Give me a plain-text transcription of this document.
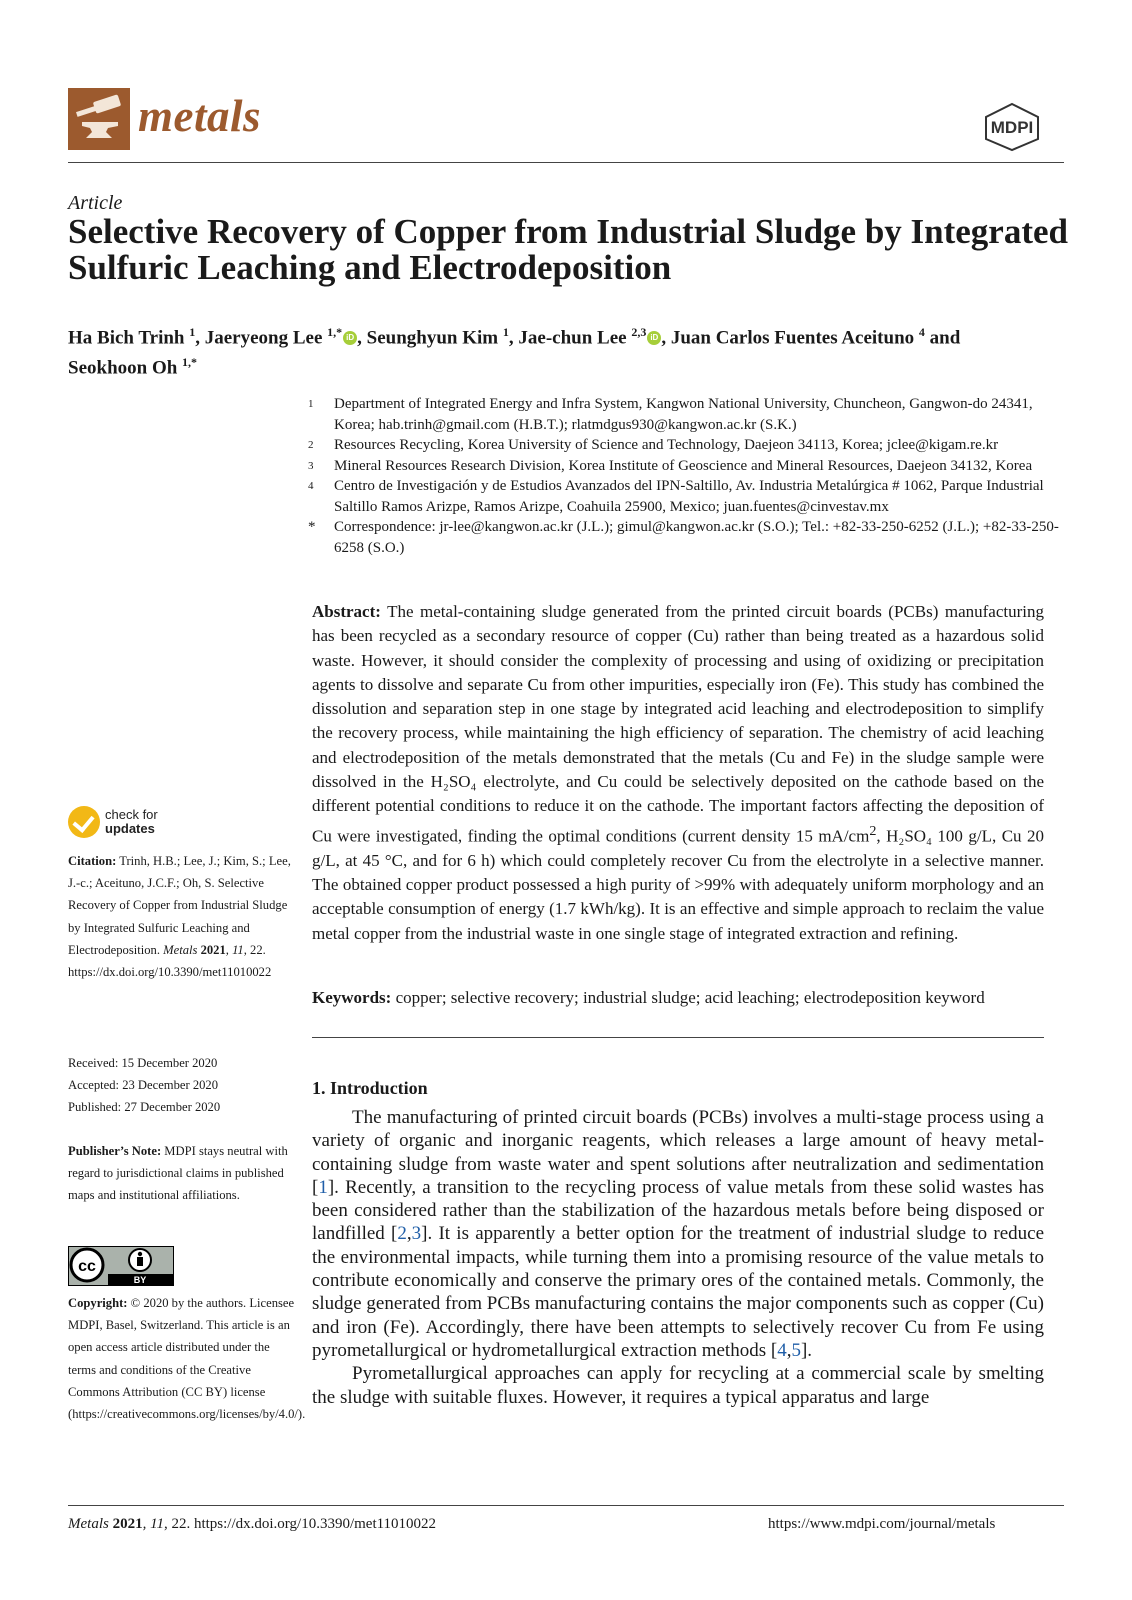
metals	MDPI
Article
Selective Recovery of Copper from Industrial Sludge by Integrated Sulfuric Leaching and Electrodeposition
Ha Bich Trinh $^1$, Jaeryeong Lee $^{1,*}$ iD , Seunghyun Kim $^1$, Jae-chun Lee $^{2,3}$ iD , Juan Carlos Fuentes Aceituno $^4$ and
Seokhoon Oh $^{1,*}$
1	Department of Integrated Energy and Infra System, Kangwon National University, Chuncheon, Gangwon-do 24341, Korea; hab.trinh@gmail.com (H.B.T.); rlatmdgus930@kangwon.ac.kr (S.K.)
2	Resources Recycling, Korea University of Science and Technology, Daejeon 34113, Korea; jclee@kigam.re.kr
3	Mineral Resources Research Division, Korea Institute of Geoscience and Mineral Resources, Daejeon 34132, Korea
4	Centro de Investigación y de Estudios Avanzados del IPN-Saltillo, Av. Industria Metalúrgica # 1062, Parque Industrial Saltillo Ramos Arizpe, Ramos Arizpe, Coahuila 25900, Mexico; juan.fuentes@cinvestav.mx
*	Correspondence: jr-lee@kangwon.ac.kr (J.L.); gimul@kangwon.ac.kr (S.O.); Tel.: +82-33-250-6252 (J.L.); +82-33-250-6258 (S.O.)
Abstract: The metal-containing sludge generated from the printed circuit boards (PCBs) manufacturing has been recycled as a secondary resource of copper (Cu) rather than being treated as a hazardous solid waste. However, it should consider the complexity of processing and using of oxidizing or precipitation agents to dissolve and separate Cu from other impurities, especially iron (Fe). This study has combined the dissolution and separation step in one stage by integrated acid leaching and electrodeposition to simplify the recovery process, while maintaining the high efficiency of separation. The chemistry of acid leaching and electrodeposition of the metals demonstrated that the metals (Cu and Fe) in the sludge sample were dissolved in the H₂SO₄ electrolyte, and Cu could be selectively deposited on the cathode based on the different potential conditions to reduce it on the cathode. The important factors affecting the deposition of Cu were investigated, finding the optimal conditions (current density 15 $mA/cm^2$, H₂SO₄ 100 g/L, Cu 20 g/L, at 45 °C, and for 6 h) which could completely recover Cu from the electrolyte in a selective manner. The obtained copper product possessed a high purity of >99% with adequately uniform morphology and an acceptable consumption of energy (1.7 kWh/kg). It is an effective and simple approach to reclaim the value metal copper from the industrial waste in one single stage of integrated extraction and refining.
Keywords: copper; selective recovery; industrial sludge; acid leaching; electrodeposition keyword
1. Introduction

The manufacturing of printed circuit boards (PCBs) involves a multi-stage process using a variety of organic and inorganic reagents, which releases a large amount of heavy metal-containing sludge from waste water and spent solutions after neutralization and sedimentation [1]. Recently, a transition to the recycling process of value metals from these solid wastes has been considered rather than the stabilization of the hazardous metals before being disposed or landfilled [2,3]. It is apparently a better option for the treatment of industrial sludge to reduce the environmental impacts, while turning them into a promising resource of the value metals to contribute economically and conserve the primary ores of the contained metals. Commonly, the sludge generated from PCBs manufacturing contains the major components such as copper (Cu) and iron (Fe). Accordingly, there have been attempts to selectively recover Cu from Fe using pyrometallurgical or hydrometallurgical extraction methods [4,5].

Pyrometallurgical approaches can apply for recycling at a commercial scale by smelting the sludge with suitable fluxes. However, it requires a typical apparatus and large

check for
updates
Citation: Trinh, H.B.; Lee, J.; Kim, S.; Lee, J.-c.; Aceituno, J.C.F.; Oh, S. Selective Recovery of Copper from Industrial Sludge by Integrated Sulfuric Leaching and Electrodeposition. Metals 2021, 11, 22. https://dx.doi.org/10.3390/met11010022
Received: 15 December 2020
Accepted: 23 December 2020
Published: 27 December 2020
Publisher’s Note: MDPI stays neutral with regard to jurisdictional claims in published maps and institutional affiliations.
cc
BY
Copyright: © 2020 by the authors. Licensee MDPI, Basel, Switzerland. This article is an open access article distributed under the terms and conditions of the Creative Commons Attribution (CC BY) license (https://creativecommons.org/licenses/by/4.0/).
Metals 2021, 11, 22. https://dx.doi.org/10.3390/met11010022	https://www.mdpi.com/journal/metals
